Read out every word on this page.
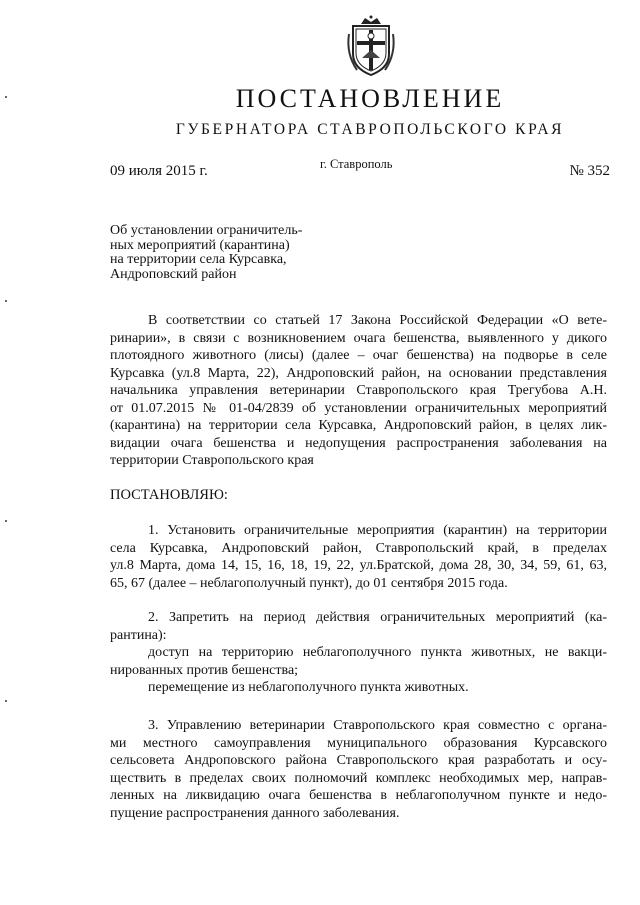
ПОСТАНОВЛЕНИЕ
ГУБЕРНАТОРА СТАВРОПОЛЬСКОГО КРАЯ
09 июля 2015 г.	г. Ставрополь	№ 352
Об установлении ограничитель-
ных мероприятий (карантина)
на территории села Курсавка,
Андроповский район
В соответствии со статьей 17 Закона Российской Федерации «О вете-
ринарии», в связи с возникновением очага бешенства, выявленного у дикого
плотоядного животного (лисы) (далее – очаг бешенства) на подворье в селе
Курсавка (ул.8 Марта, 22), Андроповский район, на основании представления
начальника управления ветеринарии Ставропольского края Трегубова А.Н.
от 01.07.2015 № 01-04/2839 об установлении ограничительных мероприятий
(карантина) на территории села Курсавка, Андроповский район, в целях лик-
видации очага бешенства и недопущения распространения заболевания на
территории Ставропольского края
ПОСТАНОВЛЯЮ:
1. Установить ограничительные мероприятия (карантин) на территории
села Курсавка, Андроповский район, Ставропольский край, в пределах
ул.8 Марта, дома 14, 15, 16, 18, 19, 22, ул.Братской, дома 28, 30, 34, 59, 61, 63,
65, 67 (далее – неблагополучный пункт), до 01 сентября 2015 года.
2. Запретить на период действия ограничительных мероприятий (ка-
рантина):
доступ на территорию неблагополучного пункта животных, не вакци-
нированных против бешенства;
перемещение из неблагополучного пункта животных.
3. Управлению ветеринарии Ставропольского края совместно с органа-
ми местного самоуправления муниципального образования Курсавского
сельсовета Андроповского района Ставропольского края разработать и осу-
ществить в пределах своих полномочий комплекс необходимых мер, направ-
ленных на ликвидацию очага бешенства в неблагополучном пункте и недо-
пущение распространения данного заболевания.
